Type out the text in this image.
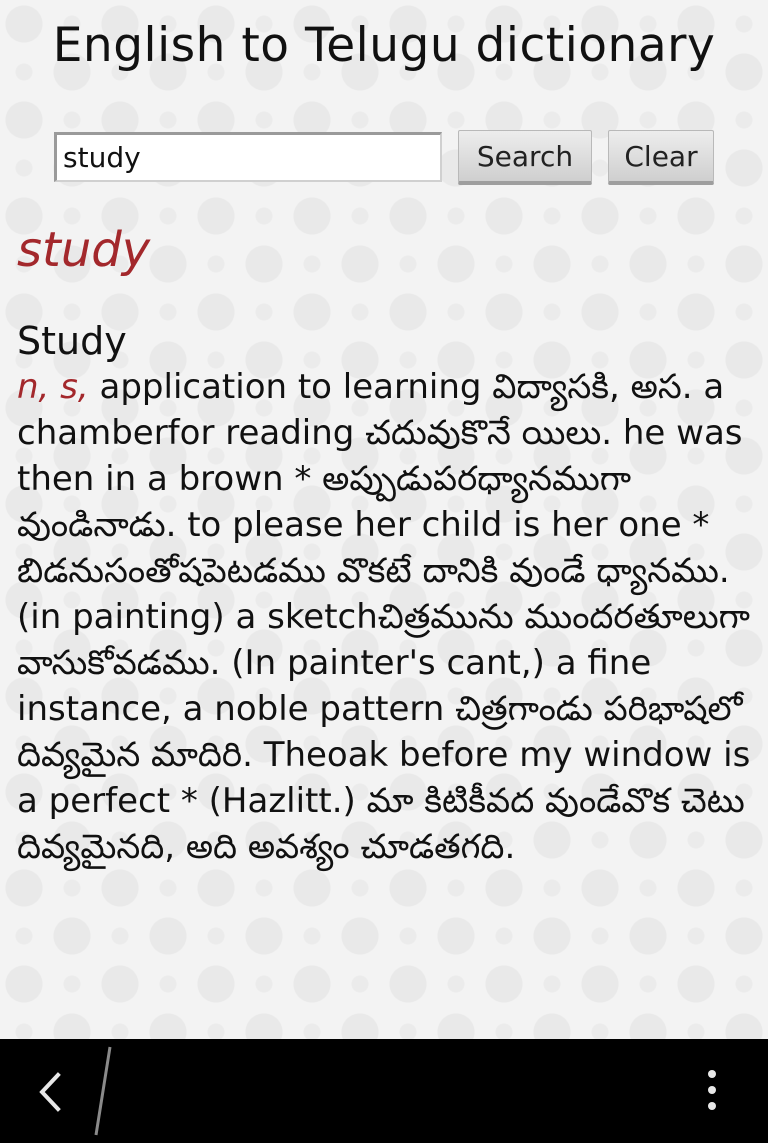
English to Telugu dictionary
study
Search	Clear
study
Study
n, s, application to learning విద్యాసకి, అస. a chamberfor reading చదువుకొనే యిలు. he was then in a brown * అప్పుడుపరధ్యానముగా వుండినాడు. to please her child is her one * బిడనుసంతోషపెటడము వొకటే దానికి వుండే ధ్యానము. (in painting) a sketchచిత్రమును ముందరతూలుగా వాసుకోవడము. (In painter's cant,) a fine instance, a noble pattern చిత్రగాండు పరిభాషలో దివ్యమైన మాదిరి. Theoak before my window is a perfect * (Hazlitt.) మా కిటికీవద వుండేవొక చెటు దివ్యమైనది, అది అవశ్యం చూడతగది.
